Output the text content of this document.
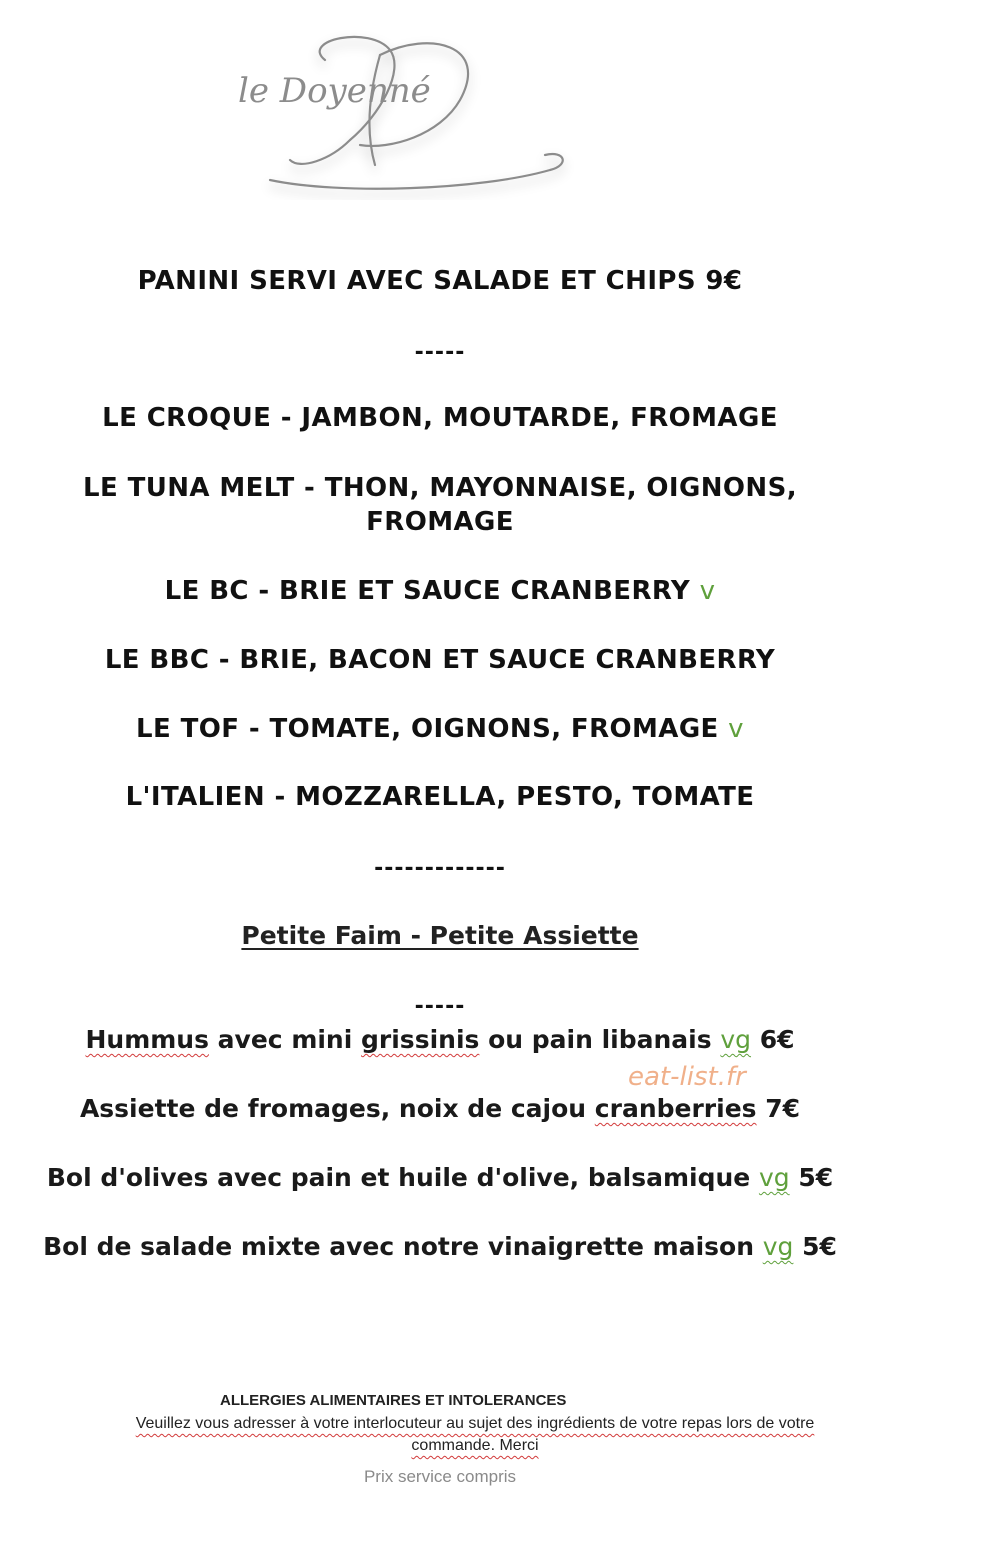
le Doyenné
PANINI SERVI AVEC SALADE ET CHIPS 9€
-----
LE CROQUE - JAMBON, MOUTARDE, FROMAGE
LE TUNA MELT - THON, MAYONNAISE, OIGNONS,
FROMAGE
LE BC - BRIE ET SAUCE CRANBERRY v
LE BBC - BRIE, BACON ET SAUCE CRANBERRY
LE TOF - TOMATE, OIGNONS, FROMAGE v
L'ITALIEN - MOZZARELLA, PESTO, TOMATE
-------------
Petite Faim - Petite Assiette
-----
Hummus avec mini grissinis ou pain libanais vg 6€
eat-list.fr
Assiette de fromages, noix de cajou cranberries 7€
Bol d'olives avec pain et huile d'olive, balsamique vg 5€
Bol de salade mixte avec notre vinaigrette maison vg 5€
ALLERGIES ALIMENTAIRES ET INTOLERANCES
Veuillez vous adresser à votre interlocuteur au sujet des ingrédients de votre repas lors de votre
commande. Merci
Prix service compris
